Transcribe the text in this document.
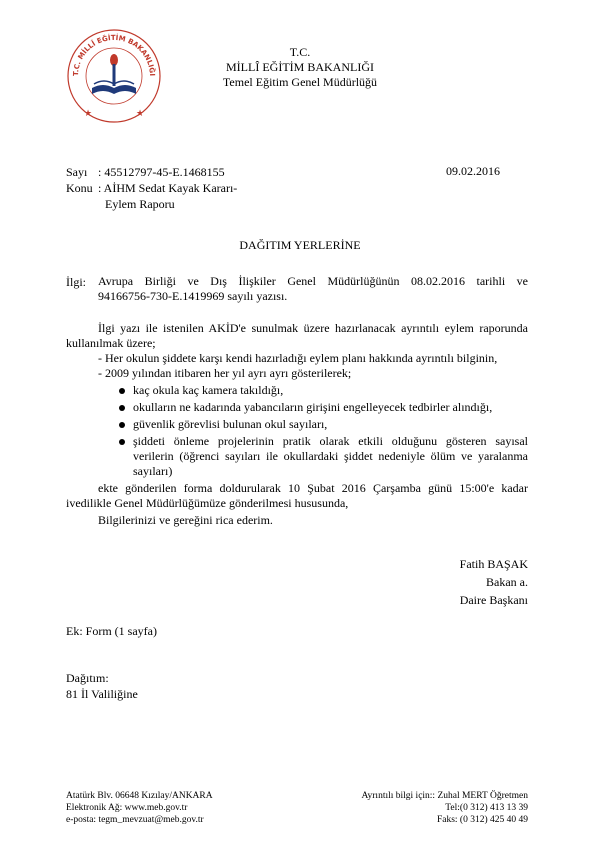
T.C. MİLLÎ EĞİTİM BAKANLIĞI
★	★
T.C.
MİLLÎ EĞİTİM BAKANLIĞI
Temel Eğitim Genel Müdürlüğü
Sayı : 45512797-45-E.1468155	09.02.2016
Konu : AİHM Sedat Kayak Kararı-
Eylem Raporu
DAĞITIM YERLERİNE
İlgi: Avrupa Birliği ve Dış İlişkiler Genel Müdürlüğünün 08.02.2016 tarihli ve
94166756-730-E.1419969 sayılı yazısı.
İlgi yazı ile istenilen AKİD'e sunulmak üzere hazırlanacak ayrıntılı eylem raporunda
kullanılmak üzere;
- Her okulun şiddete karşı kendi hazırladığı eylem planı hakkında ayrıntılı bilginin,
- 2009 yılından itibaren her yıl ayrı ayrı gösterilerek;
kaç okula kaç kamera takıldığı,
okulların ne kadarında yabancıların girişini engelleyecek tedbirler alındığı,
güvenlik görevlisi bulunan okul sayıları,
şiddeti önleme projelerinin pratik olarak etkili olduğunu gösteren sayısal
verilerin (öğrenci sayıları ile okullardaki şiddet nedeniyle ölüm ve yaralanma
sayıları)
ekte gönderilen forma doldurularak 10 Şubat 2016 Çarşamba günü 15:00'e kadar
ivedilikle Genel Müdürlüğümüze gönderilmesi hususunda,
Bilgilerinizi ve gereğini rica ederim.
Fatih BAŞAK
Bakan a.
Daire Başkanı
Ek: Form (1 sayfa)
Dağıtım:
81 İl Valiliğine
Atatürk Blv. 06648 Kızılay/ANKARA
Elektronik Ağ: www.meb.gov.tr
e-posta: tegm_mevzuat@meb.gov.tr
Ayrıntılı bilgi için:: Zuhal MERT Öğretmen
Tel:(0 312) 413 13 39
Faks: (0 312) 425 40 49
